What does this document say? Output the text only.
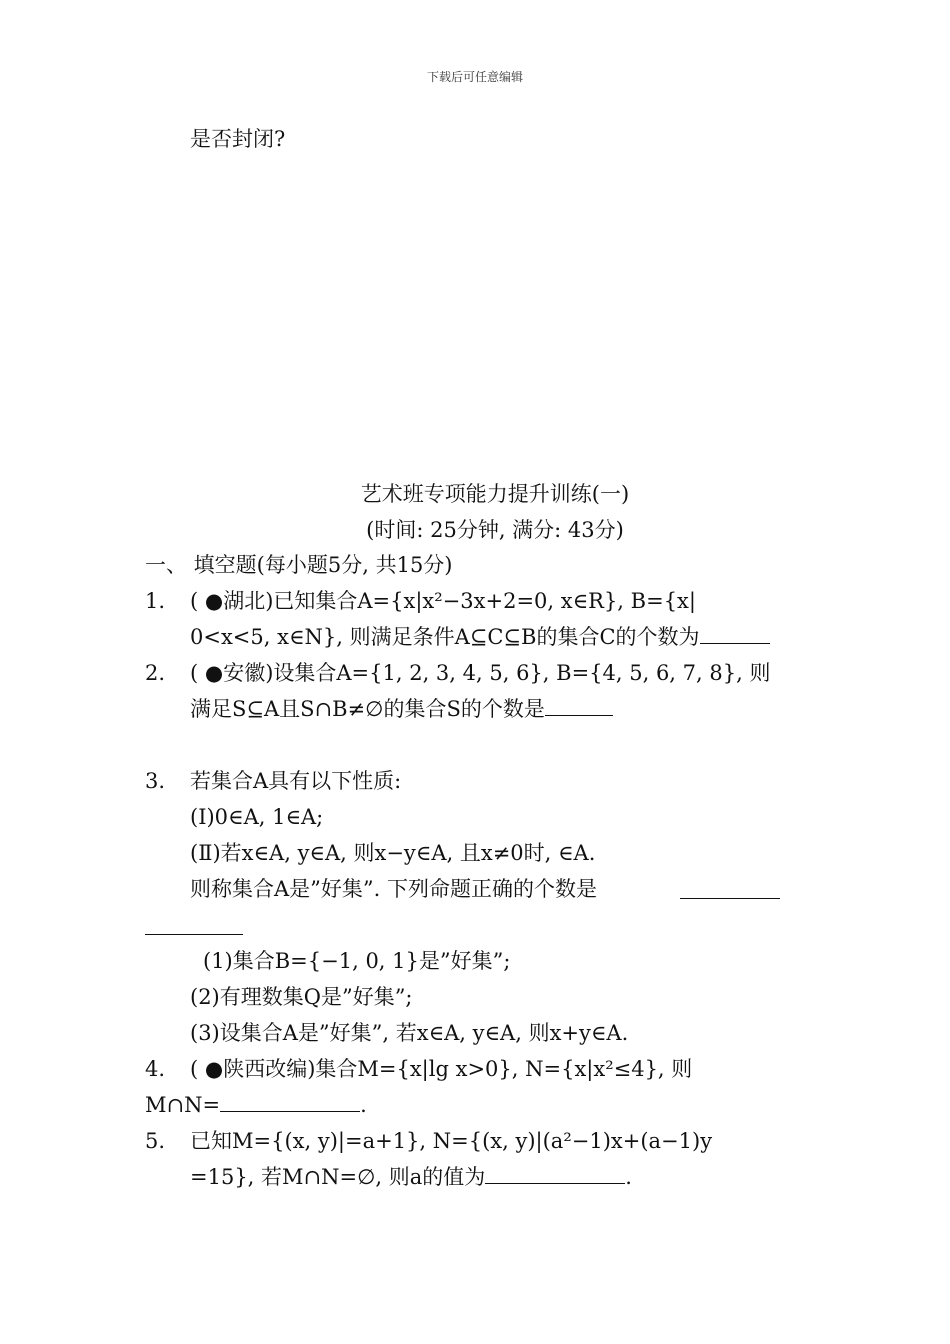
下载后可任意编辑
是否封闭?
艺术班专项能力提升训练(一)
(时间: 25分钟, 满分: 43分)
一、 填空题(每小题5分, 共15分)
1. ( ●湖北)已知集合A={x|x²−3x+2=0, x∈R}, B={x|
0<x<5, x∈N}, 则满足条件A⊆C⊆B的集合C的个数为
2. ( ●安徽)设集合A={1, 2, 3, 4, 5, 6}, B={4, 5, 6, 7, 8}, 则
满足S⊆A且S∩B≠∅的集合S的个数是
3. 若集合A具有以下性质:
(Ⅰ)0∈A, 1∈A;
(Ⅱ)若x∈A, y∈A, 则x−y∈A, 且x≠0时, ∈A.
则称集合A是”好集”. 下列命题正确的个数是
(1)集合B={−1, 0, 1}是”好集”;
(2)有理数集Q是”好集”;
(3)设集合A是”好集”, 若x∈A, y∈A, 则x+y∈A.
4. ( ●陕西改编)集合M={x|lg x>0}, N={x|x²≤4}, 则
M∩N=	.
5. 已知M={(x, y)|=a+1}, N={(x, y)|(a²−1)x+(a−1)y
=15}, 若M∩N=∅, 则a的值为	.
